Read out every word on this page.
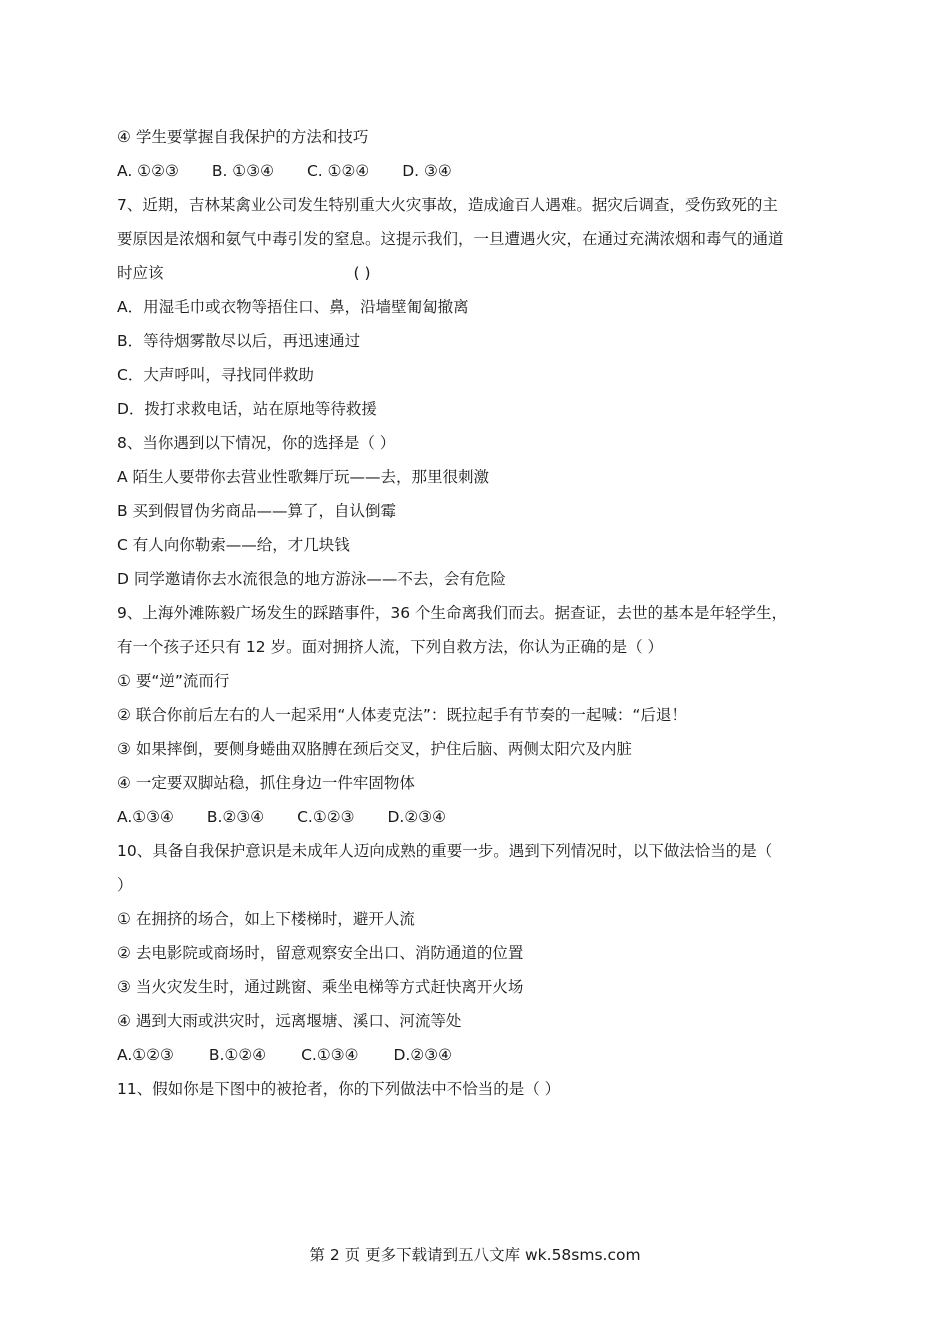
④ 学生要掌握自我保护的方法和技巧

A. ①②③ B. ①③④ C. ①②④ D. ③④

7、近期，吉林某禽业公司发生特别重大火灾事故，造成逾百人遇难。据灾后调查，受伤致死的主

要原因是浓烟和氨气中毒引发的窒息。这提示我们，一旦遭遇火灾，在通过充满浓烟和毒气的通道

时应该	( )

A．用湿毛巾或衣物等捂住口、鼻，沿墙壁匍匐撤离

B．等待烟雾散尽以后，再迅速通过

C．大声呼叫，寻找同伴救助

D．拨打求救电话，站在原地等待救援

8、当你遇到以下情况，你的选择是（ ）

A 陌生人要带你去营业性歌舞厅玩——去，那里很刺激

B 买到假冒伪劣商品——算了，自认倒霉

C 有人向你勒索——给，才几块钱

D 同学邀请你去水流很急的地方游泳——不去，会有危险

9、上海外滩陈毅广场发生的踩踏事件，36 个生命离我们而去。据查证，去世的基本是年轻学生，

有一个孩子还只有 12 岁。面对拥挤人流，下列自救方法，你认为正确的是（ ）

① 要“逆”流而行

② 联合你前后左右的人一起采用“人体麦克法”：既拉起手有节奏的一起喊：“后退！

③ 如果摔倒，要侧身蜷曲双胳膊在颈后交叉，护住后脑、两侧太阳穴及内脏

④ 一定要双脚站稳，抓住身边一件牢固物体

A.①③④ B.②③④ C.①②③ D.②③④

10、具备自我保护意识是未成年人迈向成熟的重要一步。遇到下列情况时，以下做法恰当的是（

）

① 在拥挤的场合，如上下楼梯时，避开人流

② 去电影院或商场时，留意观察安全出口、消防通道的位置

③ 当火灾发生时，通过跳窗、乘坐电梯等方式赶快离开火场

④ 遇到大雨或洪灾时，远离堰塘、溪口、河流等处

A.①②③ B.①②④ C.①③④ D.②③④

11、假如你是下图中的被抢者，你的下列做法中不恰当的是（ ）

第 2 页 更多下载请到五八文库 wk.58sms.com
